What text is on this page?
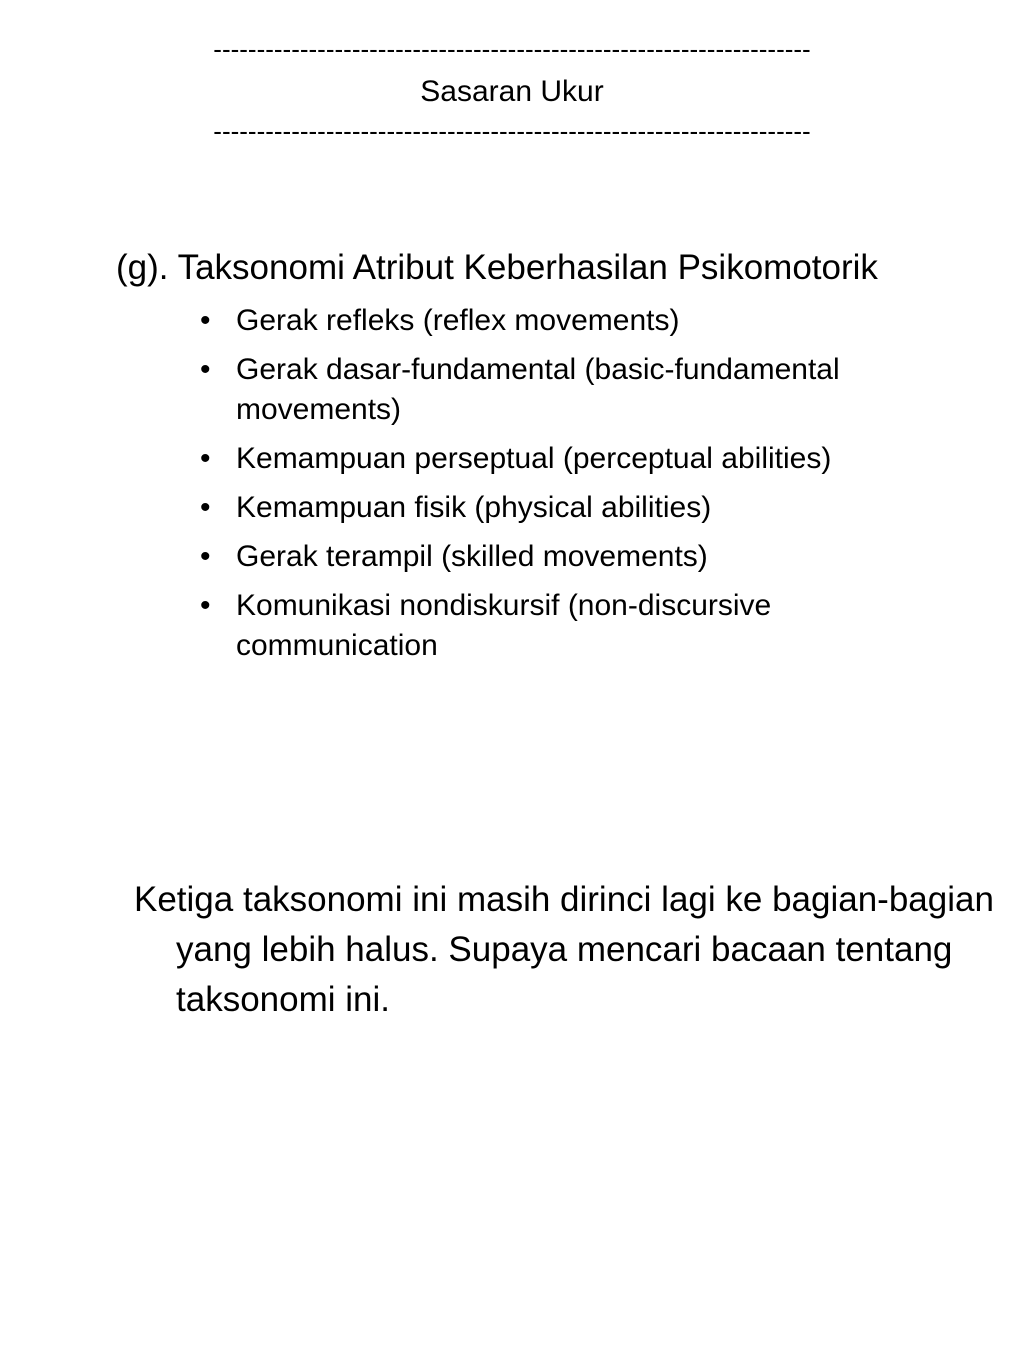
---------------------------------------------------------------------
Sasaran Ukur
---------------------------------------------------------------------
(g). Taksonomi Atribut Keberhasilan Psikomotorik
• Gerak refleks (reflex movements)
• Gerak dasar-fundamental (basic-fundamental movements)
• Kemampuan perseptual (perceptual abilities)
• Kemampuan fisik (physical abilities)
• Gerak terampil (skilled movements)
• Komunikasi nondiskursif (non-discursive communication

Ketiga taksonomi ini masih dirinci lagi ke bagian-bagian yang lebih halus. Supaya mencari bacaan tentang taksonomi ini.
